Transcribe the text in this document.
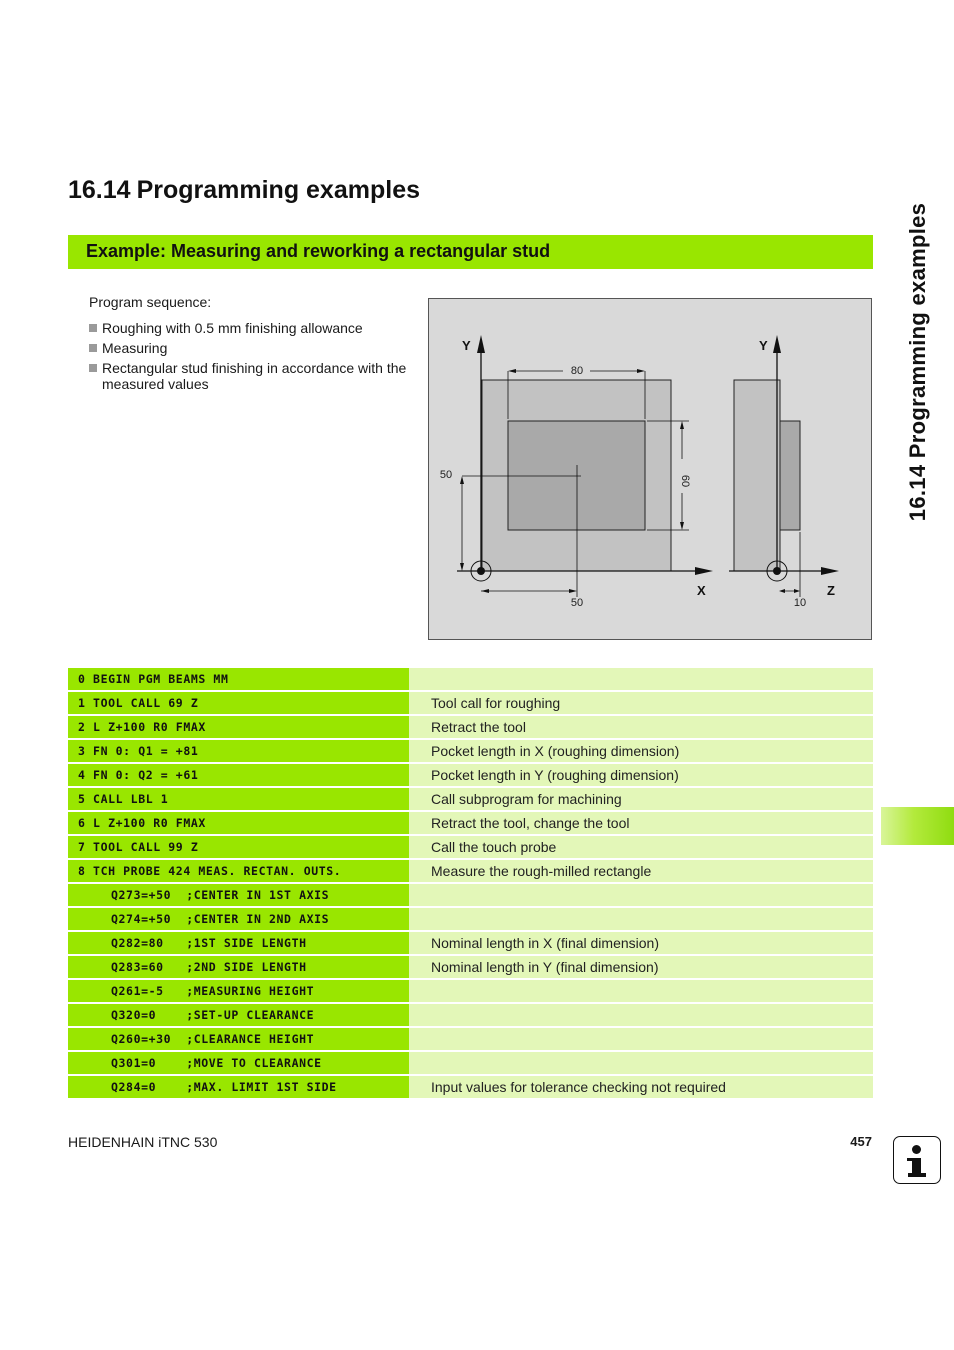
16.14 Programming examples
Example: Measuring and reworking a rectangular stud

Program sequence:

Roughing with 0.5 mm finishing allowance
Measuring
Rectangular stud finishing in accordance with the measured values
Y
X
80
60
50
50
Y
Z
10
0 BEGIN PGM BEAMS MM		
1 TOOL CALL 69 Z		Tool call for roughing
2 L Z+100 R0 FMAX		Retract the tool
3 FN 0: Q1 = +81		Pocket length in X (roughing dimension)
4 FN 0: Q2 = +61		Pocket length in Y (roughing dimension)
5 CALL LBL 1		Call subprogram for machining
6 L Z+100 R0 FMAX		Retract the tool, change the tool
7 TOOL CALL 99 Z		Call the touch probe
8 TCH PROBE 424 MEAS. RECTAN. OUTS.		Measure the rough-milled rectangle
Q273=+50  ;CENTER IN 1ST AXIS		
Q274=+50  ;CENTER IN 2ND AXIS		
Q282=80   ;1ST SIDE LENGTH		Nominal length in X (final dimension)
Q283=60   ;2ND SIDE LENGTH		Nominal length in Y (final dimension)
Q261=-5   ;MEASURING HEIGHT		
Q320=0    ;SET-UP CLEARANCE		
Q260=+30  ;CLEARANCE HEIGHT		
Q301=0    ;MOVE TO CLEARANCE		
Q284=0    ;MAX. LIMIT 1ST SIDE		Input values for tolerance checking not required
HEIDENHAIN iTNC 530	457
16.14 Programming examples
